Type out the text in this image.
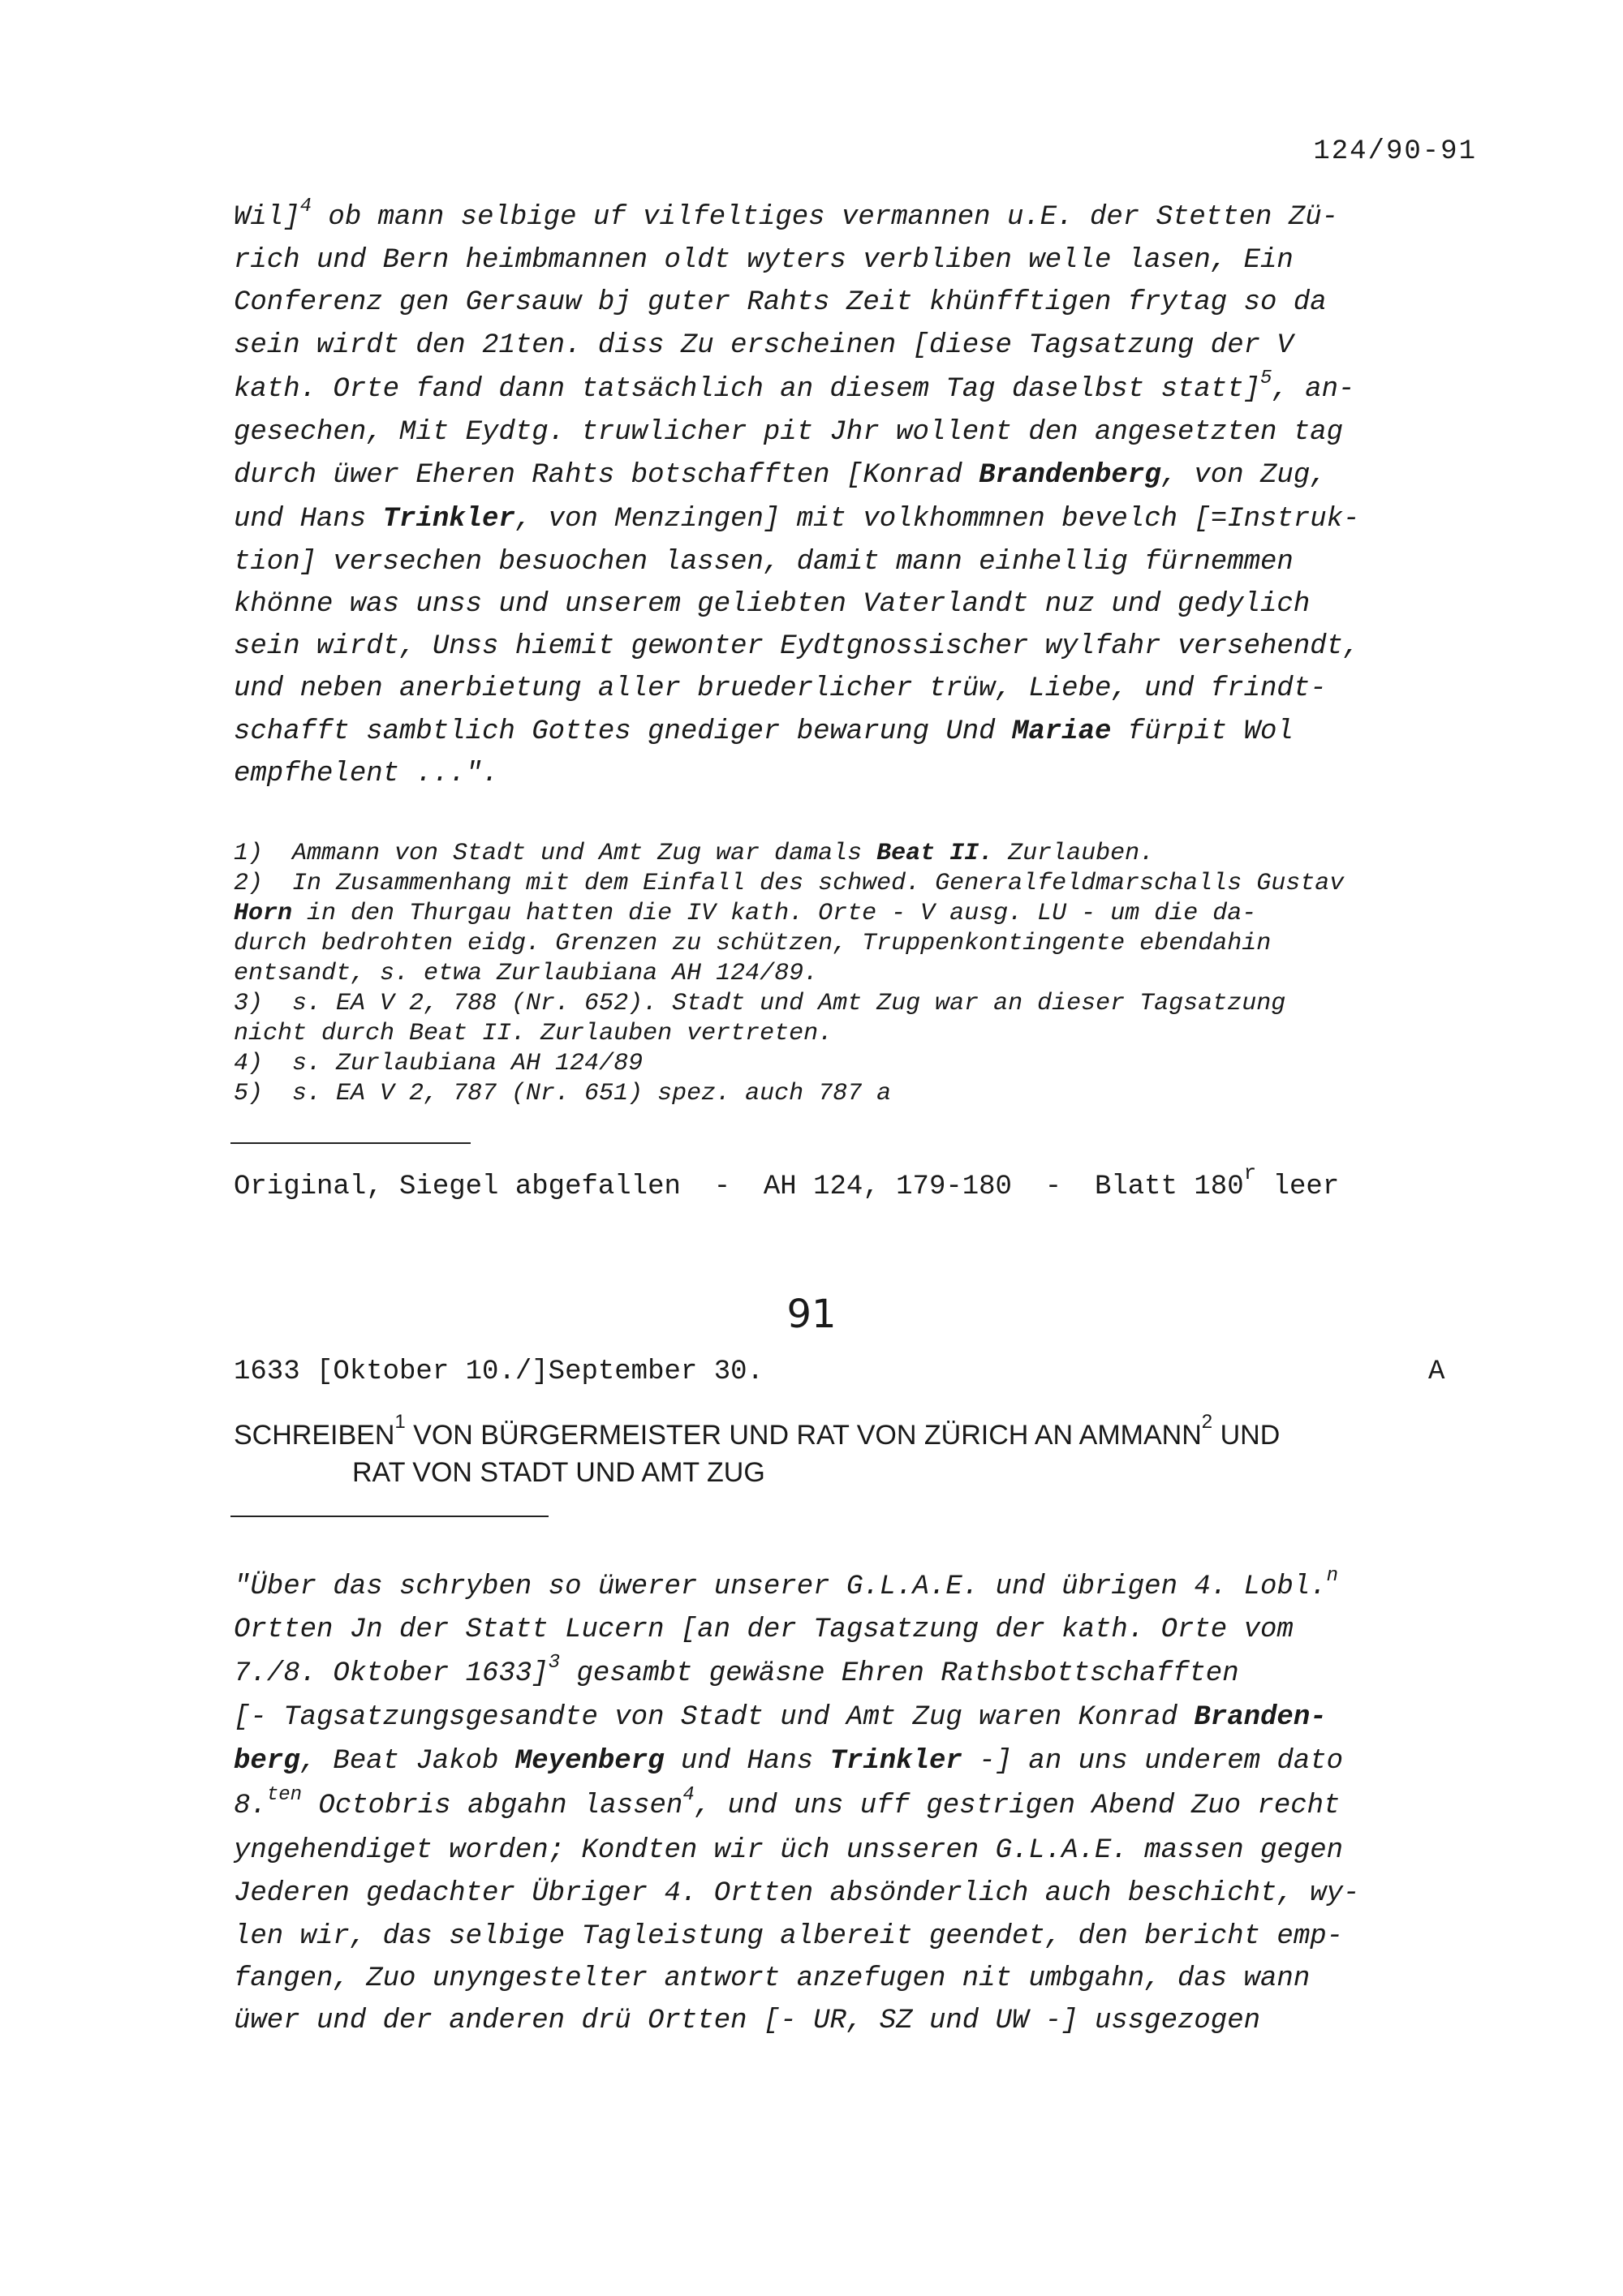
124/90-91
Wil]$^4$ ob mann selbige uf vilfeltiges vermannen u.E. der Stetten Zü-
rich und Bern heimbmannen oldt wyters verbliben welle lasen, Ein
Conferenz gen Gersauw bj guter Rahts Zeit khünfftigen frytag so da
sein wirdt den 21ten. diss Zu erscheinen [diese Tagsatzung der V
kath. Orte fand dann tatsächlich an diesem Tag daselbst statt]$^5$, an-
gesechen, Mit Eydtg. truwlicher pit Jhr wollent den angesetzten tag
durch üwer Eheren Rahts botschafften [Konrad Brandenberg, von Zug,
und Hans Trinkler, von Menzingen] mit volkhommnen bevelch [=Instruk-
tion] versechen besuochen lassen, damit mann einhellig fürnemmen
khönne was unss und unserem geliebten Vaterlandt nuz und gedylich
sein wirdt, Unss hiemit gewonter Eydtgnossischer wylfahr versehendt,
und neben anerbietung aller bruederlicher trüw, Liebe, und frindt-
schafft sambtlich Gottes gnediger bewarung Und Mariae fürpit Wol
empfhelent ...".
1) Ammann von Stadt und Amt Zug war damals Beat II. Zurlauben.
2) In Zusammenhang mit dem Einfall des schwed. Generalfeldmarschalls Gustav
Horn in den Thurgau hatten die IV kath. Orte - V ausg. LU - um die da-
durch bedrohten eidg. Grenzen zu schützen, Truppenkontingente ebendahin
entsandt, s. etwa Zurlaubiana AH 124/89.
3) s. EA V 2, 788 (Nr. 652). Stadt und Amt Zug war an dieser Tagsatzung
nicht durch Beat II. Zurlauben vertreten.
4) s. Zurlaubiana AH 124/89
5) s. EA V 2, 787 (Nr. 651) spez. auch 787 a
Original, Siegel abgefallen  -  AH 124, 179-180  -  Blatt 180$^r$ leer
91
1633 [Oktober 10./]September 30.	A
SCHREIBEN$^1$ VON BÜRGERMEISTER UND RAT VON ZÜRICH AN AMMANN$^2$ UND
RAT VON STADT UND AMT ZUG
"Über das schryben so üwerer unserer G.L.A.E. und übrigen 4. Lobl.$^n$
Ortten Jn der Statt Lucern [an der Tagsatzung der kath. Orte vom
7./8. Oktober 1633]$^3$ gesambt gewäsne Ehren Rathsbottschafften
[- Tagsatzungsgesandte von Stadt und Amt Zug waren Konrad Branden-
berg, Beat Jakob Meyenberg und Hans Trinkler -] an uns underem dato
8.$^{ten}$ Octobris abgahn lassen$^4$, und uns uff gestrigen Abend Zuo recht
yngehendiget worden; Kondten wir üch unsseren G.L.A.E. massen gegen
Jederen gedachter Übriger 4. Ortten absönderlich auch beschicht, wy-
len wir, das selbige Tagleistung albereit geendet, den bericht emp-
fangen, Zuo unyngestelter antwort anzefugen nit umbgahn, das wann
üwer und der anderen drü Ortten [- UR, SZ und UW -] ussgezogen
